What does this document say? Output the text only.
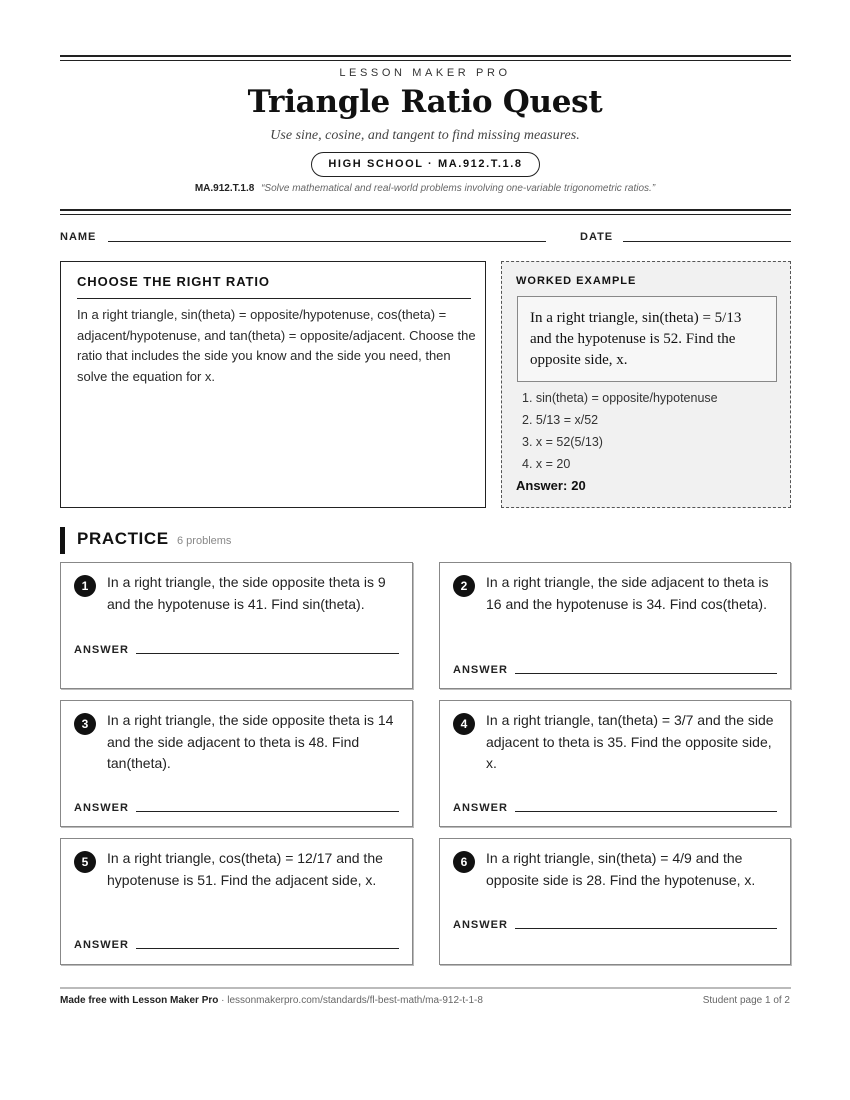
LESSON MAKER PRO
Triangle Ratio Quest
Use sine, cosine, and tangent to find missing measures.
HIGH SCHOOL · MA.912.T.1.8
MA.912.T.1.8 “Solve mathematical and real-world problems involving one-variable trigonometric ratios.”
NAME	DATE
CHOOSE THE RIGHT RATIO
In a right triangle, sin(theta) = opposite/hypotenuse, cos(theta) = adjacent/hypotenuse, and tan(theta) = opposite/adjacent. Choose the ratio that includes the side you know and the side you need, then solve the equation for x.
WORKED EXAMPLE
In a right triangle, sin(theta) = 5/13 and the hypotenuse is 52. Find the opposite side, x.
1. sin(theta) = opposite/hypotenuse
2. 5/13 = x/52
3. x = 52(5/13)
4. x = 20
Answer: 20
PRACTICE 6 problems
1	In a right triangle, the side opposite theta is 9 and the hypotenuse is 41. Find sin(theta).
ANSWER
2	In a right triangle, the side adjacent to theta is 16 and the hypotenuse is 34. Find cos(theta).
ANSWER
3	In a right triangle, the side opposite theta is 14 and the side adjacent to theta is 48. Find tan(theta).
ANSWER
4	In a right triangle, tan(theta) = 3/7 and the side adjacent to theta is 35. Find the opposite side, x.
ANSWER
5	In a right triangle, cos(theta) = 12/17 and the hypotenuse is 51. Find the adjacent side, x.
ANSWER
6	In a right triangle, sin(theta) = 4/9 and the opposite side is 28. Find the hypotenuse, x.
ANSWER
Made free with Lesson Maker Pro · lessonmakerpro.com/standards/fl-best-math/ma-912-t-1-8	Student page 1 of 2
